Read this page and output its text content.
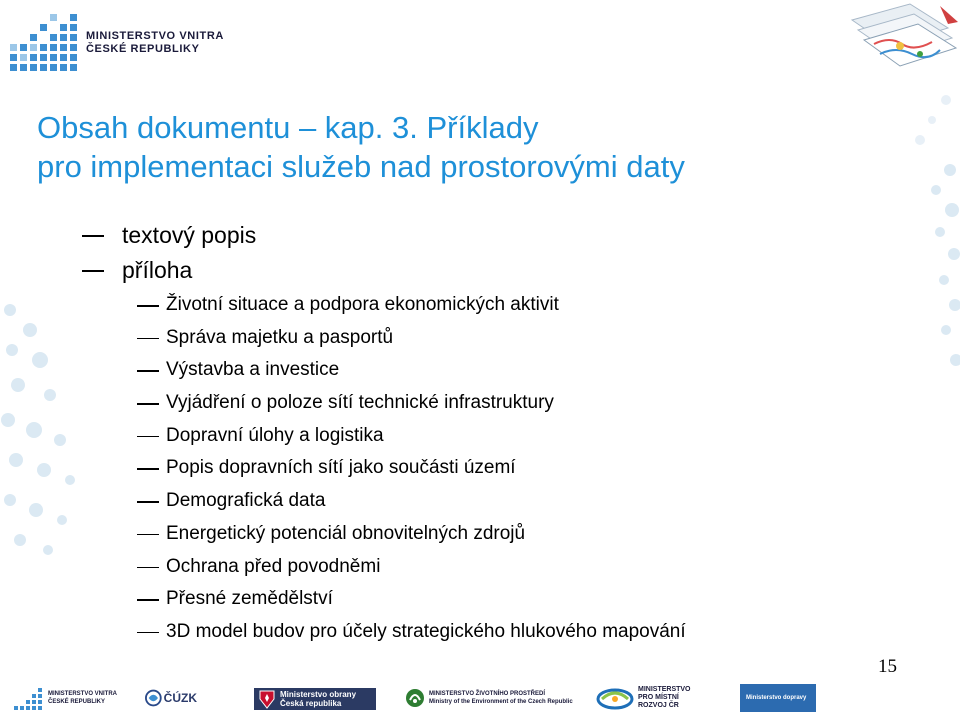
MINISTERSTVO VNITRA
ČESKÉ REPUBLIKY
Obsah dokumentu – kap. 3. Příklady
pro implementaci služeb nad prostorovými daty
textový popis
příloha
Životní situace a podpora ekonomických aktivit
Správa majetku a pasportů
Výstavba a investice
Vyjádření o poloze sítí technické infrastruktury
Dopravní úlohy a logistika
Popis dopravních sítí jako součásti území
Demografická data
Energetický potenciál obnovitelných zdrojů
Ochrana před povodněmi
Přesné zemědělství
3D model budov pro účely strategického hlukového mapování
15
MINISTERSTVO VNITRA
ČESKÉ REPUBLIKY	ČÚZK	Ministerstvo obrany
Česká republika
MINISTERSTVO ŽIVOTNÍHO PROSTŘEDÍ
Ministry of the Environment of the Czech Republic
MINISTERSTVO
PRO MÍSTNÍ
ROZVOJ ČR
Ministerstvo dopravy
